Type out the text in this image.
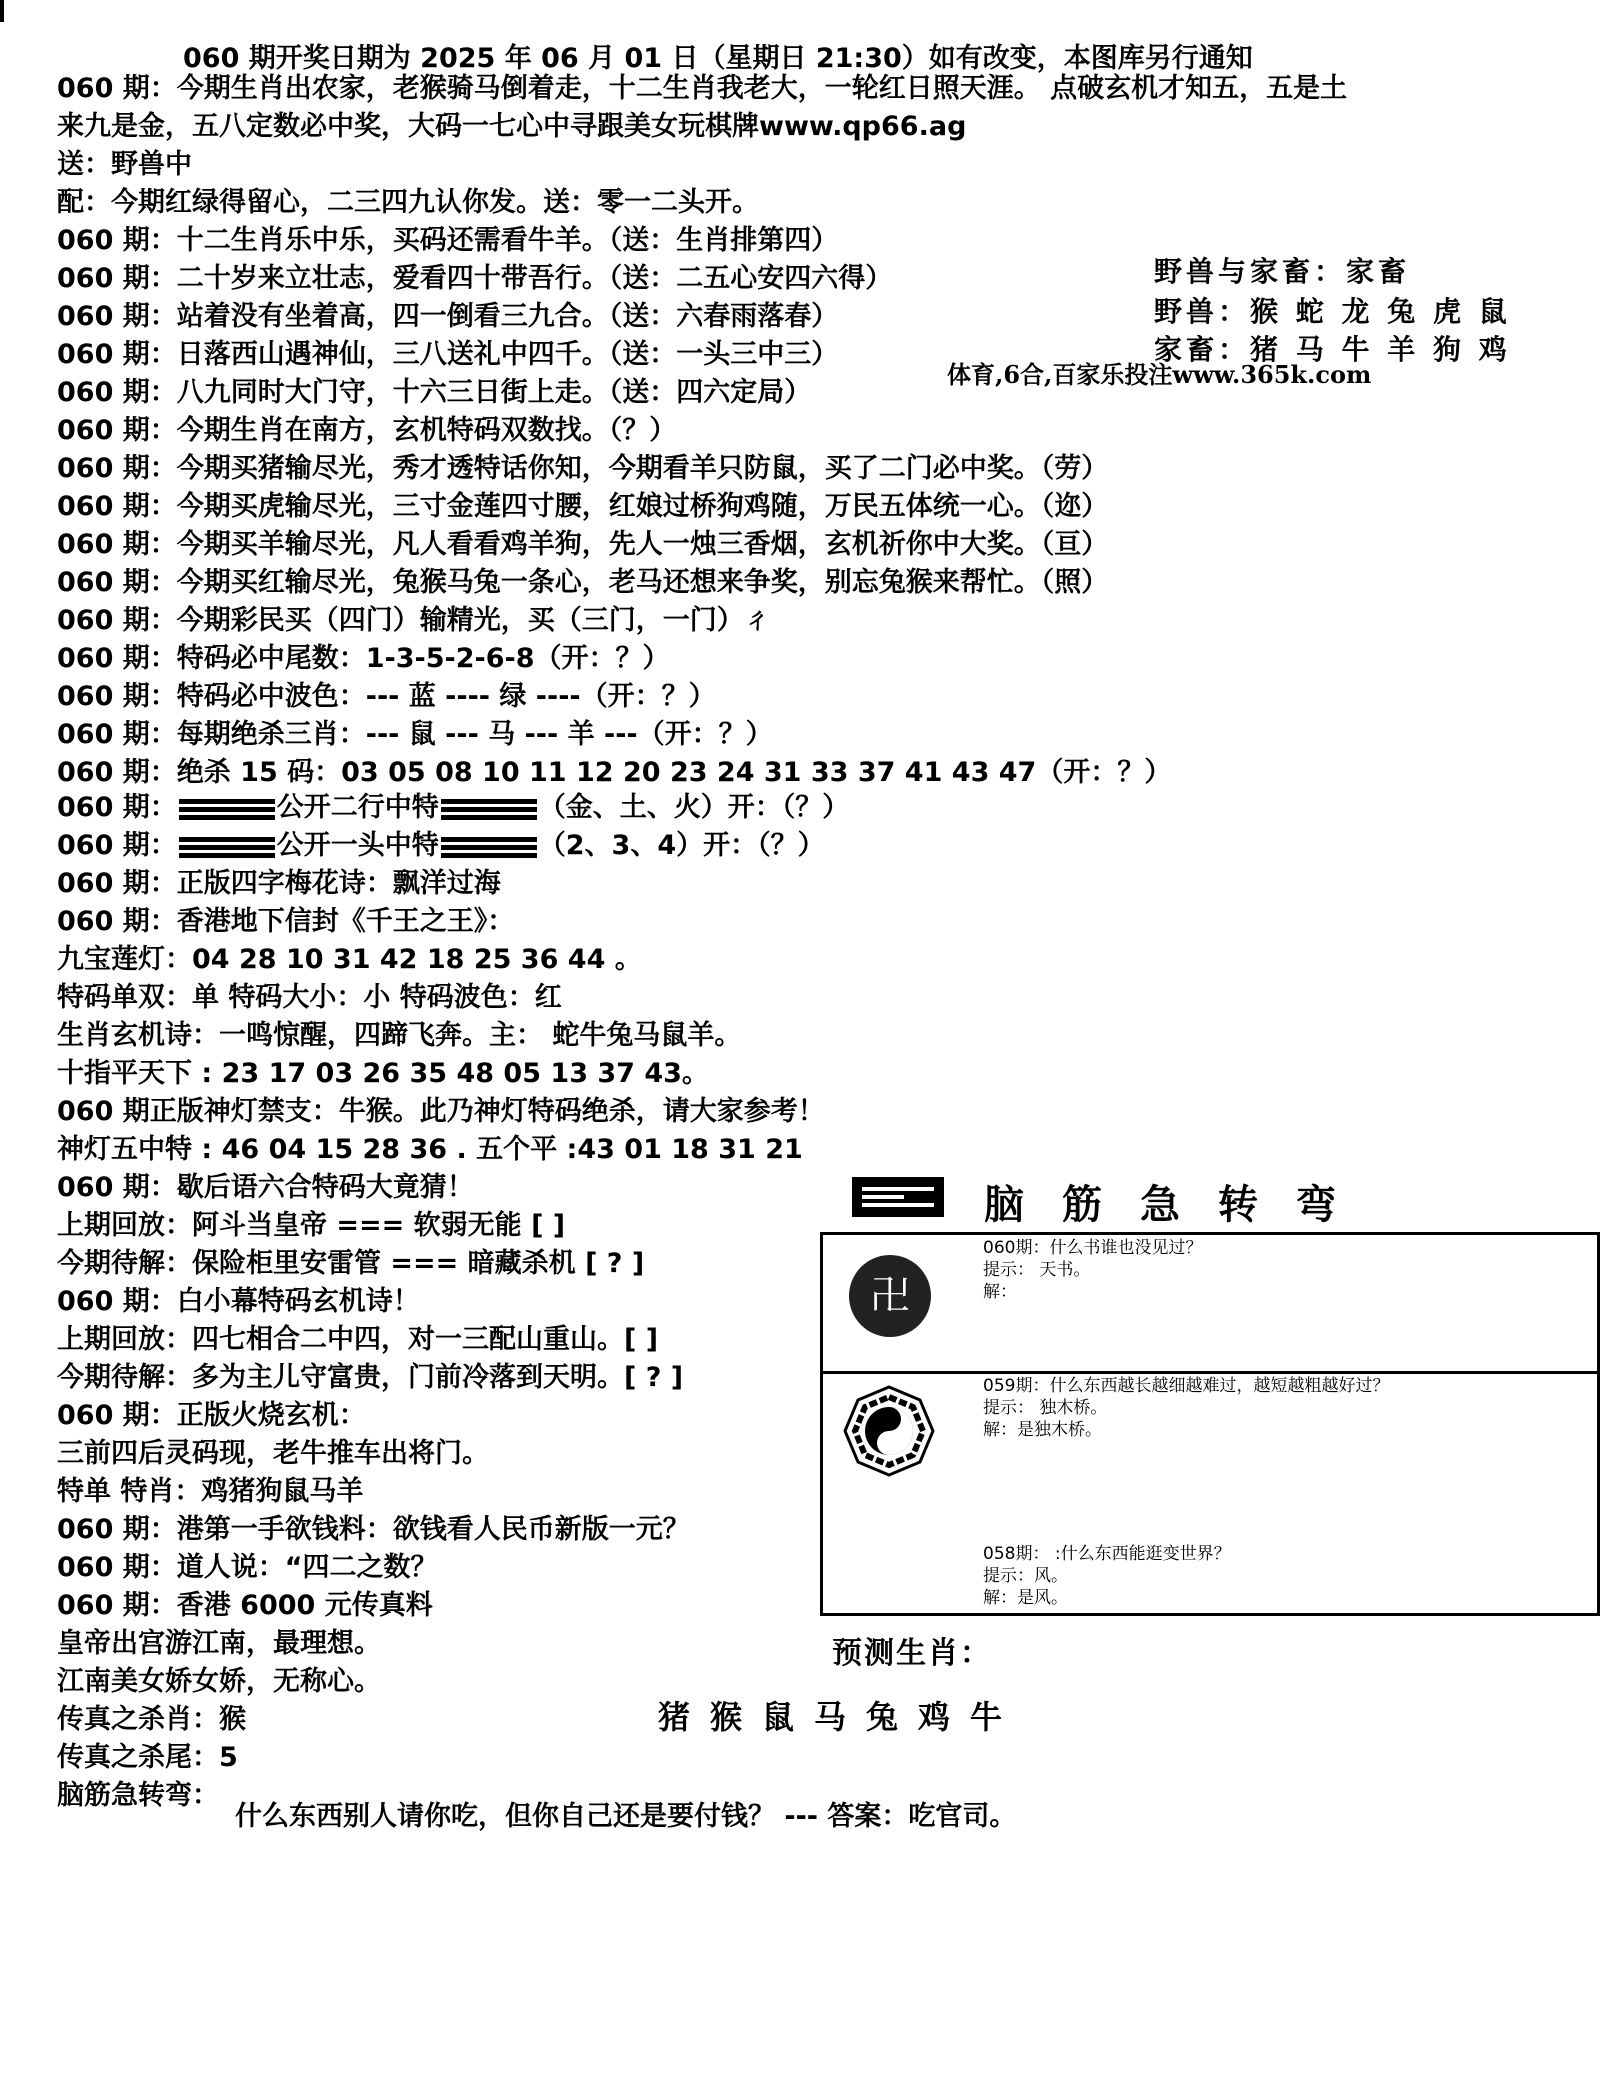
060 期开奖日期为 2025 年 06 月 01 日（星期日 21:30）如有改变，本图库另行通知
060 期：今期生肖出农家，老猴骑马倒着走，十二生肖我老大，一轮红日照天涯。 点破玄机才知五，五是土
来九是金，五八定数必中奖，大码一七心中寻跟美女玩棋牌www.qp66.ag
送：野兽中
配：今期红绿得留心，二三四九认你发。送：零一二头开。
060 期：十二生肖乐中乐，买码还需看牛羊。（送：生肖排第四）
060 期：二十岁来立壮志，爱看四十带吾行。（送：二五心安四六得）
060 期：站着没有坐着高，四一倒看三九合。（送：六春雨落春）
060 期：日落西山遇神仙，三八送礼中四千。（送：一头三中三）
060 期：八九同时大门守，十六三日街上走。（送：四六定局）
060 期：今期生肖在南方，玄机特码双数找。（？）
060 期：今期买猪输尽光，秀才透特话你知，今期看羊只防鼠，买了二门必中奖。（劳）
060 期：今期买虎输尽光，三寸金莲四寸腰，红娘过桥狗鸡随，万民五体统一心。（迩）
060 期：今期买羊输尽光，凡人看看鸡羊狗，先人一烛三香烟，玄机祈你中大奖。（亘）
060 期：今期买红输尽光，兔猴马兔一条心，老马还想来争奖，别忘兔猴来帮忙。（照）
060 期：今期彩民买（四门）输精光，买（三门，一门）ㄔ
060 期：特码必中尾数：1-3-5-2-6-8（开：？）
060 期：特码必中波色：--- 蓝 ---- 绿 ----（开：？）
060 期：每期绝杀三肖：--- 鼠 --- 马 --- 羊 ---（开：？）
060 期：绝杀 15 码：03 05 08 10 11 12 20 23 24 31 33 37 41 43 47（开：？）
060 期：	公开二行中特	（金、土、火）开：（？）
060 期：	公开一头中特	（2、3、4）开：（？）
060 期：正版四字梅花诗：飘洋过海
060 期：香港地下信封《千王之王》：
九宝莲灯：04 28 10 31 42 18 25 36 44 。
特码单双：单 特码大小：小 特码波色：红
生肖玄机诗：一鸣惊醒，四蹄飞奔。主： 蛇牛兔马鼠羊。
十指平天下 : 23 17 03 26 35 48 05 13 37 43。
060 期正版神灯禁支：牛猴。此乃神灯特码绝杀，请大家参考！
神灯五中特 : 46 04 15 28 36 . 五个平 :43 01 18 31 21
060 期：歇后语六合特码大竟猜！
上期回放：阿斗当皇帝 === 软弱无能 [ ]
今期待解：保险柜里安雷管 === 暗藏杀机 [ ? ]
060 期：白小幕特码玄机诗！
上期回放：四七相合二中四，对一三配山重山。[ ]
今期待解：多为主儿守富贵，门前冷落到天明。[ ? ]
060 期：正版火烧玄机：
三前四后灵码现，老牛推车出将门。
特单 特肖：鸡猪狗鼠马羊
060 期：港第一手欲钱料：欲钱看人民币新版一元？
060 期：道人说：“四二之数？
060 期：香港 6000 元传真料
皇帝出宫游江南，最理想。
江南美女娇女娇，无称心。
传真之杀肖：猴
传真之杀尾：5
脑筋急转弯：
什么东西别人请你吃，但你自己还是要付钱？ --- 答案：吃官司。
野兽与家畜：家畜
野兽：猴 蛇 龙 兔 虎 鼠
家畜：猪 马 牛 羊 狗 鸡
体育,6合,百家乐投注www.365k.com
脑筋急转弯
卍
060期：什么书谁也没见过？
提示： 天书。
解：
059期：什么东西越长越细越难过，越短越粗越好过？
提示： 独木桥。
解：是独木桥。
058期： :什么东西能逛变世界？
提示：风。
解：是风。
预测生肖：
猪猴鼠马兔鸡牛
